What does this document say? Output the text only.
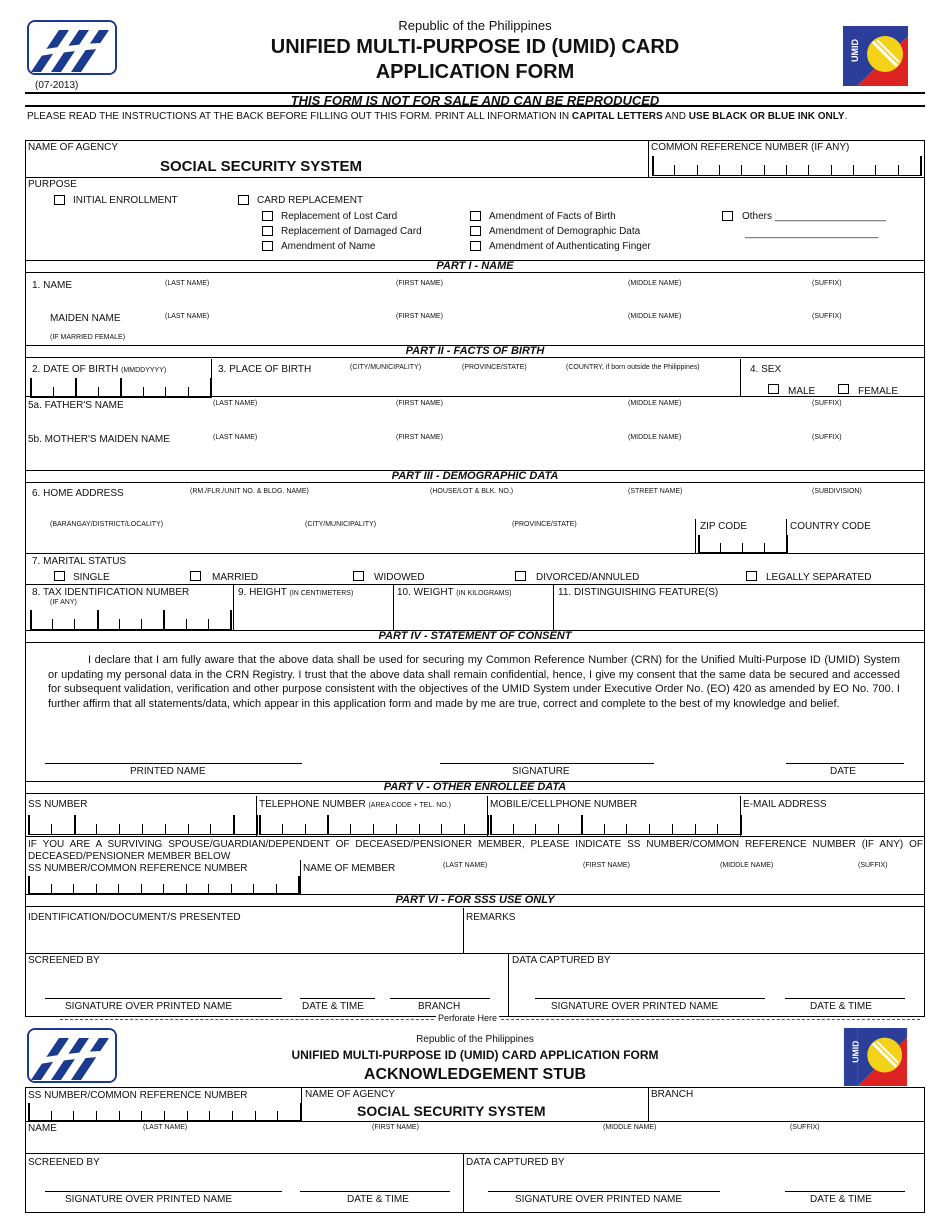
(07-2013)
Republic of the Philippines
UNIFIED MULTI-PURPOSE ID (UMID) CARD
APPLICATION FORM
UMID
THIS FORM IS NOT FOR SALE AND CAN BE REPRODUCED
PLEASE READ THE INSTRUCTIONS AT THE BACK BEFORE FILLING OUT THIS FORM. PRINT ALL INFORMATION IN CAPITAL LETTERS AND USE BLACK OR BLUE INK ONLY.
NAME OF AGENCY
SOCIAL SECURITY SYSTEM
COMMON REFERENCE NUMBER (IF ANY)
PURPOSE
INITIAL ENROLLMENT	CARD REPLACEMENT
Replacement of Lost Card
Replacement of Damaged Card
Amendment of Name
Amendment of Facts of Birth
Amendment of Demographic Data
Amendment of Authenticating Finger
Others ____________________
________________________
PART I - NAME
1. NAME	(LAST NAME)	(FIRST NAME)	(MIDDLE NAME)	(SUFFIX)
MAIDEN NAME	(LAST NAME)	(FIRST NAME)	(MIDDLE NAME)	(SUFFIX)
(IF MARRIED FEMALE)
PART II - FACTS OF BIRTH
2. DATE OF BIRTH (MMDDYYYY)	3. PLACE OF BIRTH	(CITY/MUNICIPALITY)	(PROVINCE/STATE)	(COUNTRY, if born outside the Philippines)	4. SEX
MALE	FEMALE
5a. FATHER'S NAME	(LAST NAME)	(FIRST NAME)	(MIDDLE NAME)	(SUFFIX)
5b. MOTHER'S MAIDEN NAME	(LAST NAME)	(FIRST NAME)	(MIDDLE NAME)	(SUFFIX)
PART III - DEMOGRAPHIC DATA
6. HOME ADDRESS	(RM./FLR./UNIT NO. & BLDG. NAME)	(HOUSE/LOT & BLK. NO.)	(STREET NAME)	(SUBDIVISION)
(BARANGAY/DISTRICT/LOCALITY)	(CITY/MUNICIPALITY)	(PROVINCE/STATE)	ZIP CODE	COUNTRY CODE
7. MARITAL STATUS
SINGLE	MARRIED	WIDOWED	DIVORCED/ANNULED	LEGALLY SEPARATED
8. TAX IDENTIFICATION NUMBER
(IF ANY)
9. HEIGHT (IN CENTIMETERS)	10. WEIGHT (IN KILOGRAMS)	11. DISTINGUISHING FEATURE(S)
PART IV - STATEMENT OF CONSENT
I declare that I am fully aware that the above data shall be used for securing my Common Reference Number (CRN) for the Unified Multi-Purpose ID (UMID) System or updating my personal data in the CRN Registry. I trust that the above data shall remain confidential, hence, I give my consent that the same data be secured and accessed for subsequent validation, verification and other purpose consistent with the objectives of the UMID System under Executive Order No. (EO) 420 as amended by EO No. 700. I further affirm that all statements/data, which appear in this application form and made by me are true, correct and complete to the best of my knowledge and belief.
PRINTED NAME	SIGNATURE	DATE
PART V - OTHER ENROLLEE DATA
SS NUMBER	TELEPHONE NUMBER (AREA CODE + TEL. NO.)	MOBILE/CELLPHONE NUMBER	E-MAIL ADDRESS
IF YOU ARE A SURVIVING SPOUSE/GUARDIAN/DEPENDENT OF DECEASED/PENSIONER MEMBER, PLEASE INDICATE SS NUMBER/COMMON REFERENCE NUMBER (IF ANY) OF DECEASED/PENSIONER MEMBER BELOW
SS NUMBER/COMMON REFERENCE NUMBER	NAME OF MEMBER	(LAST NAME)	(FIRST NAME)	(MIDDLE NAME)	(SUFFIX)
PART VI - FOR SSS USE ONLY
IDENTIFICATION/DOCUMENT/S PRESENTED	REMARKS
SCREENED BY	DATA CAPTURED BY
SIGNATURE OVER PRINTED NAME	DATE & TIME	BRANCH	SIGNATURE OVER PRINTED NAME	DATE & TIME
Perforate Here
Republic of the Philippines
UNIFIED MULTI-PURPOSE ID (UMID) CARD APPLICATION FORM
ACKNOWLEDGEMENT STUB
UMID
SS NUMBER/COMMON REFERENCE NUMBER	NAME OF AGENCY
SOCIAL SECURITY SYSTEM
BRANCH
NAME	(LAST NAME)	(FIRST NAME)	(MIDDLE NAME)	(SUFFIX)
SCREENED BY	DATA CAPTURED BY
SIGNATURE OVER PRINTED NAME	DATE & TIME	SIGNATURE OVER PRINTED NAME	DATE & TIME
